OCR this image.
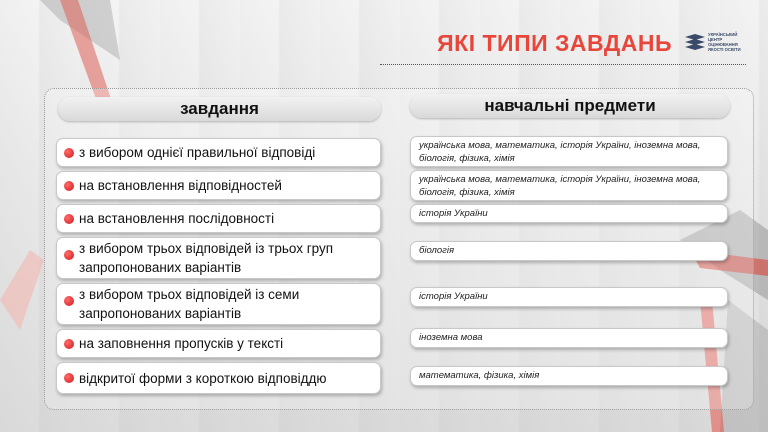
ЯКІ ТИПИ ЗАВДАНЬ	УКРАЇНСЬКИЙ ЦЕНТР ОЦІНЮВАННЯ ЯКОСТІ ОСВІТИ
завдання	навчальні предмети
з вибором однієї правильної відповіді
на встановлення відповідностей
на встановлення послідовності
з вибором трьох відповідей із трьох груп запропонованих варіантів
з вибором трьох відповідей із семи запропонованих варіантів
на заповнення пропусків у тексті
відкритої форми з короткою відповіддю
українська мова, математика, історія України, іноземна мова, біологія, фізика, хімія
українська мова, математика, історія України, іноземна мова, біологія, фізика, хімія
історія України
біологія
історія України
іноземна мова
математика, фізика, хімія
